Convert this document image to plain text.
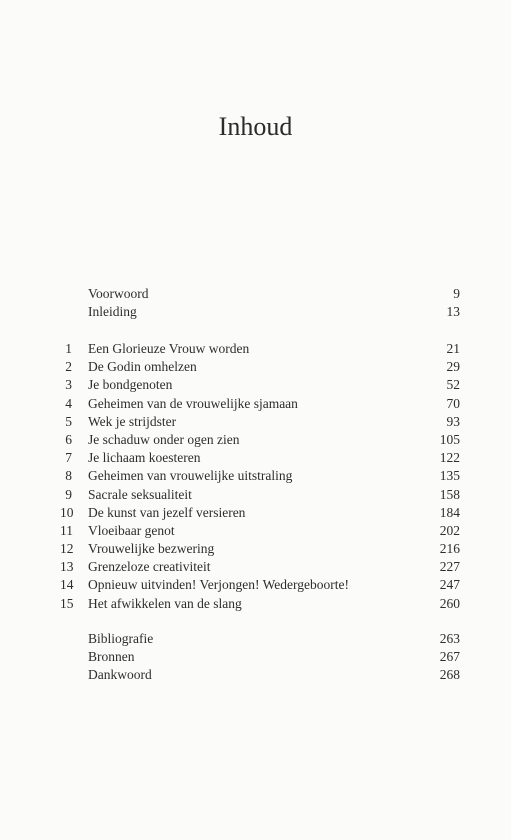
Inhoud
Voorwoord	9
Inleiding	13
1 Een Glorieuze Vrouw worden	21
2 De Godin omhelzen	29
3 Je bondgenoten	52
4 Geheimen van de vrouwelijke sjamaan	70
5 Wek je strijdster	93
6 Je schaduw onder ogen zien	105
7 Je lichaam koesteren	122
8 Geheimen van vrouwelijke uitstraling	135
9 Sacrale seksualiteit	158
10 De kunst van jezelf versieren	184
11 Vloeibaar genot	202
12 Vrouwelijke bezwering	216
13 Grenzeloze creativiteit	227
14 Opnieuw uitvinden! Verjongen! Wedergeboorte!	247
15 Het afwikkelen van de slang	260
Bibliografie	263
Bronnen	267
Dankwoord	268
